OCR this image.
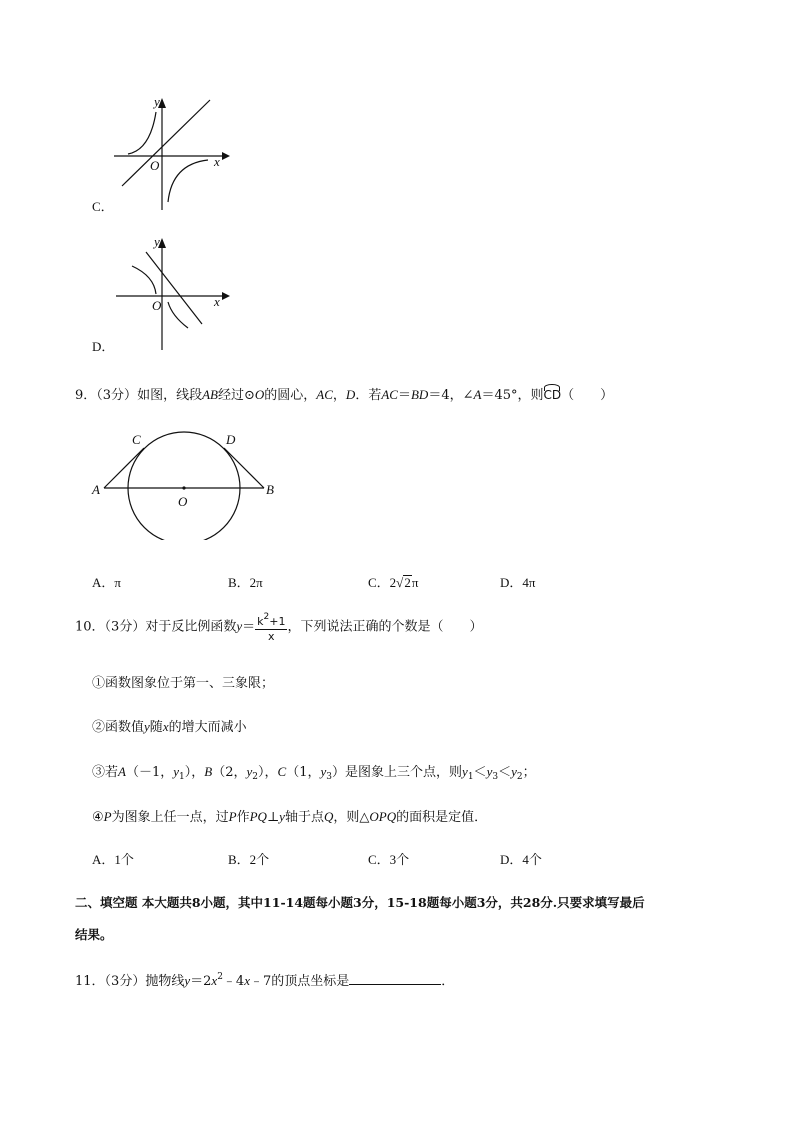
y
x
O
C．
y
x
O
D．
9．（3分）如图，线段AB经过⊙O的圆心，AC，D．若AC＝BD＝4，∠A＝45°，则CD（　　）
A	B
C	D
O
A．π	B．2π	C．2√2π	D．4π
10．（3分）对于反比例函数$y= \frac{k^2+1}{x}$ ，下列说法正确的个数是（　　）
①函数图象位于第一、三象限；
②函数值y随x的增大而减小
③若A（－1，$y_1$），B（2，$y_2$），C（1，$y_3$）是图象上三个点，则$y_1<y_3<y_2$；
④P为图象上任一点，过P作PQ⊥y轴于点Q，则△OPQ的面积是定值．
A．1个	B．2个	C．3个	D．4个
二、填空题 本大题共8小题，其中11-14题每小题3分，15-18题每小题3分，共28分.只要求填写最后
结果。
11．（3分）抛物线$y=2x^2﹣4x﹣7$的顶点坐标是	．
